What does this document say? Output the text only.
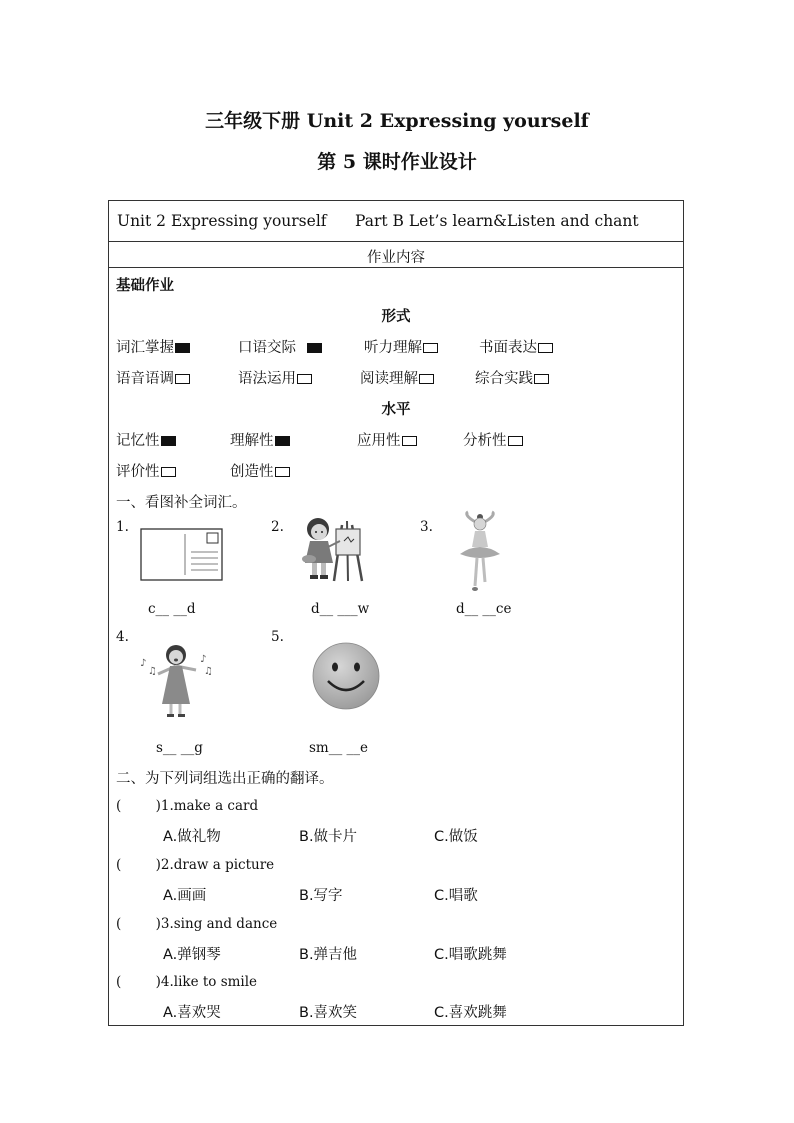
三年级下册 Unit 2 Expressing yourself
第 5 课时作业设计
Unit 2 Expressing yourself Part B Let’s learn&Listen and chant
作业内容
基础作业
形式
词汇掌握	口语交际	听力理解	书面表达
语音语调	语法运用	阅读理解	综合实践
水平
记忆性	理解性	应用性	分析性
评价性	创造性
一、看图补全词汇。
1.	2.	3.
4.	5.
c__ __d	d__ ___w	d__ __ce
♪
♫
♪
♫
s__ __g	sm__ __e
二、为下列词组选出正确的翻译。
(        )1.make a card
A.做礼物	B.做卡片	C.做饭
(        )2.draw a picture
A.画画	B.写字	C.唱歌
(        )3.sing and dance
A.弹钢琴	B.弹吉他	C.唱歌跳舞
(        )4.like to smile
A.喜欢哭	B.喜欢笑	C.喜欢跳舞
